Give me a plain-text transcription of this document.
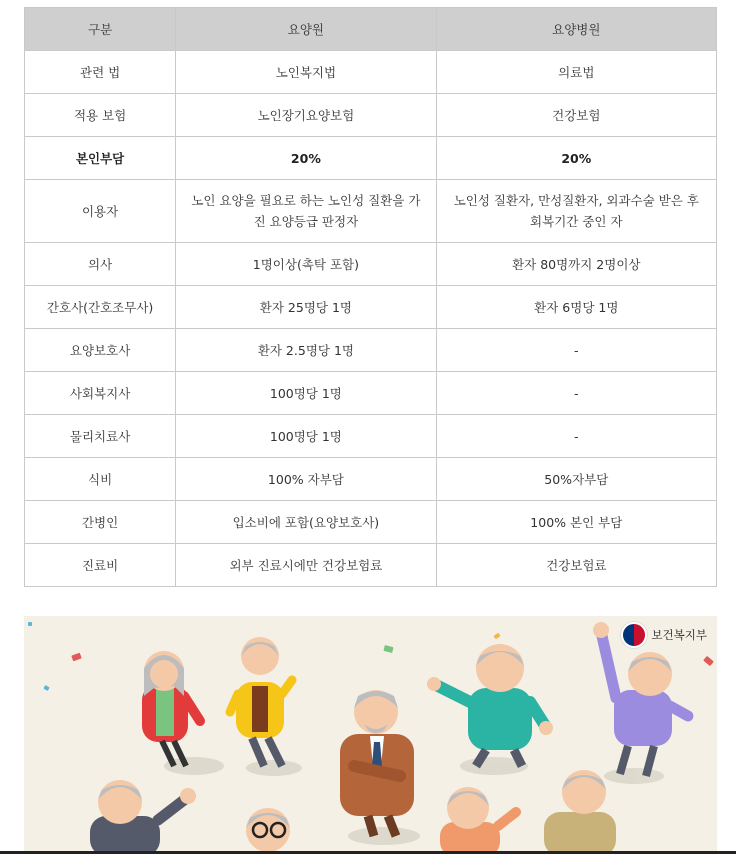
구분	요양원	요양병원
관련 법	노인복지법	의료법
적용 보험	노인장기요양보험	건강보험
본인부담	20%	20%
이용자	노인 요양을 필요로 하는 노인성 질환을 가진 요양등급 판정자	노인성 질환자, 만성질환자, 외과수술 받은 후 회복기간 중인 자
의사	1명이상(촉탁 포함)	환자 80명까지 2명이상
간호사(간호조무사)	환자 25명당 1명	환자 6명당 1명
요양보호사	환자 2.5명당 1명	-
사회복지사	100명당 1명	-
물리치료사	100명당 1명	-
식비	100% 자부담	50%자부담
간병인	입소비에 포함(요양보호사)	100% 본인 부담
진료비	외부 진료시에만 건강보험료	건강보험료
보건복지부
